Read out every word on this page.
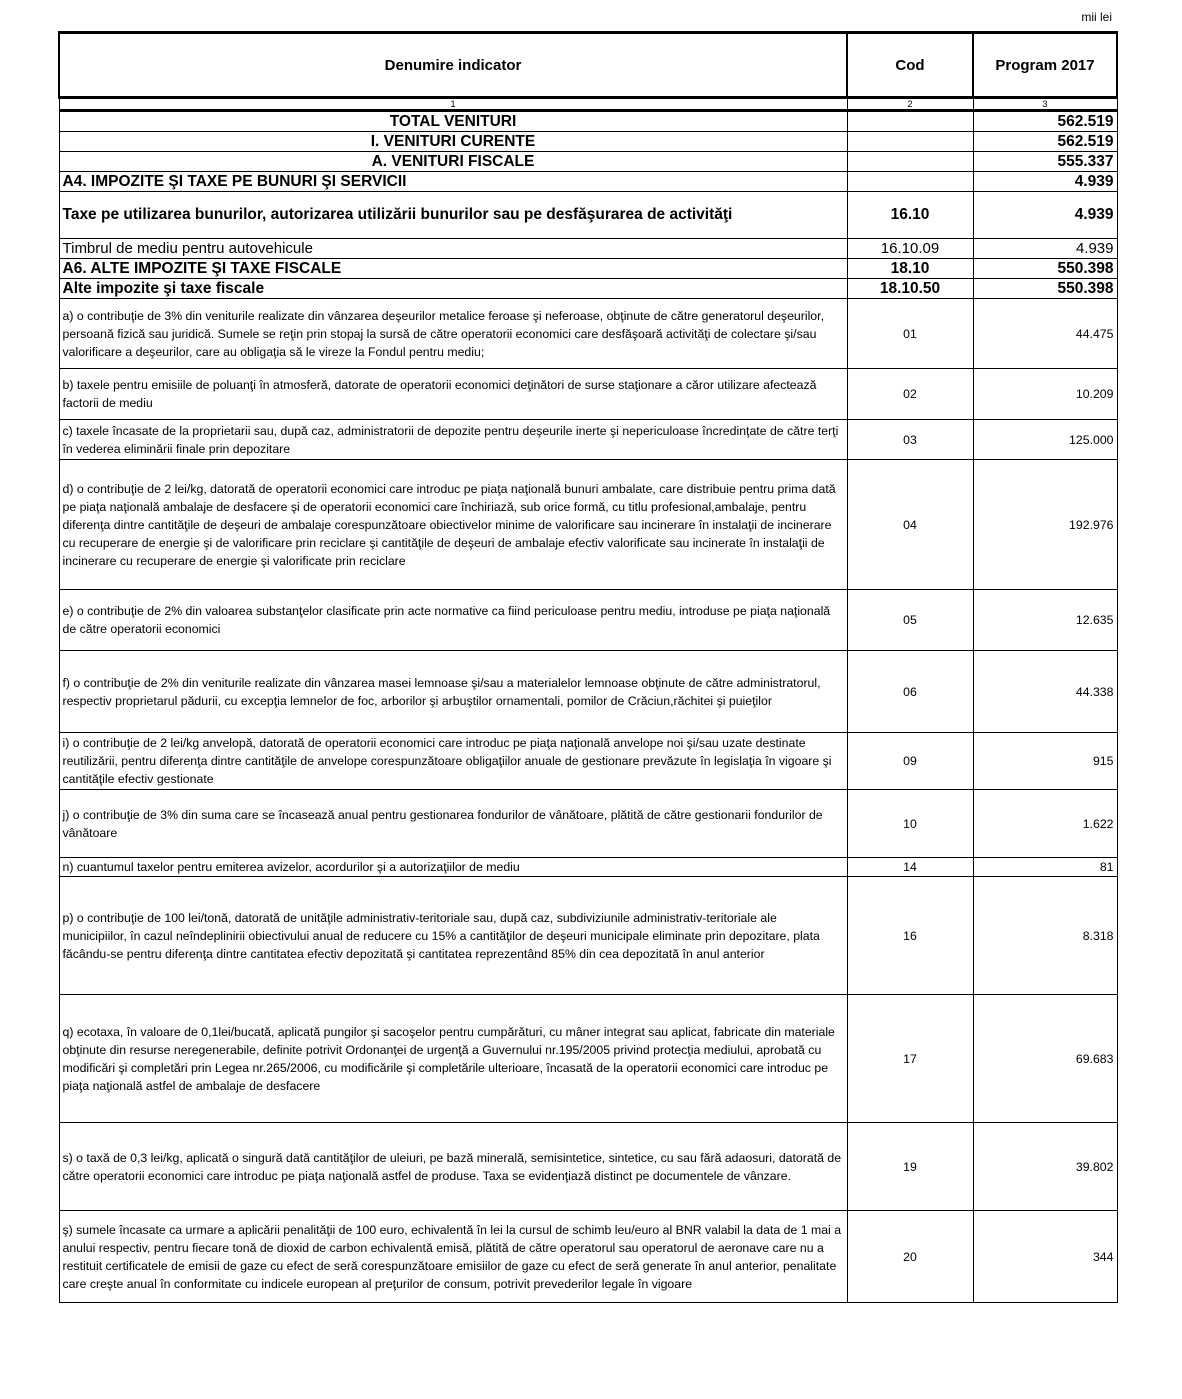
mii lei
Denumire indicator	Cod	Program 2017
1	2	3
TOTAL VENITURI		562.519
I. VENITURI CURENTE		562.519
A. VENITURI FISCALE		555.337
A4. IMPOZITE ŞI TAXE PE BUNURI ŞI SERVICII		4.939
Taxe pe utilizarea bunurilor, autorizarea utilizării bunurilor sau pe desfăşurarea de activităţi	16.10	4.939
Timbrul de mediu pentru autovehicule	16.10.09	4.939
A6. ALTE IMPOZITE ŞI TAXE FISCALE	18.10	550.398
Alte impozite şi taxe fiscale	18.10.50	550.398
a) o contribuţie de 3% din veniturile realizate din vânzarea deşeurilor metalice feroase şi neferoase, obţinute de către generatorul deşeurilor, persoană fizică sau juridică. Sumele se reţin prin stopaj la sursă de către operatorii economici care desfăşoară activităţi de colectare şi/sau valorificare a deşeurilor, care au obligaţia să le vireze la Fondul pentru mediu;	01	44.475
b) taxele pentru emisiile de poluanţi în atmosferă, datorate de operatorii economici deţinători de surse staţionare a căror utilizare afectează factorii de mediu	02	10.209
c) taxele încasate de la proprietarii sau, după caz, administratorii de depozite pentru deşeurile inerte şi nepericuloase încredinţate de către terţi în vederea eliminării finale prin depozitare	03	125.000
d) o contribuţie de 2 lei/kg, datorată de operatorii economici care introduc pe piaţa naţională bunuri ambalate, care distribuie pentru prima dată pe piaţa naţională ambalaje de desfacere şi de operatorii economici care închiriază, sub orice formă, cu titlu profesional,ambalaje, pentru diferenţa dintre cantităţile de deşeuri de ambalaje corespunzătoare obiectivelor minime de valorificare sau incinerare în instalaţii de incinerare cu recuperare de energie şi de valorificare prin reciclare şi cantităţile de deşeuri de ambalaje efectiv valorificate sau incinerate în instalaţii de incinerare cu recuperare de energie şi valorificate prin reciclare	04	192.976
e) o contribuţie de 2% din valoarea substanţelor clasificate prin acte normative ca fiind periculoase pentru mediu, introduse pe piaţa naţională de către operatorii economici	05	12.635
f) o contribuţie de 2% din veniturile realizate din vânzarea masei lemnoase şi/sau a materialelor lemnoase obţinute de către administratorul, respectiv proprietarul pădurii, cu excepţia lemnelor de foc, arborilor şi arbuştilor ornamentali, pomilor de Crăciun,răchitei şi puieţilor	06	44.338
i) o contribuţie de 2 lei/kg anvelopă, datorată de operatorii economici care introduc pe piaţa naţională anvelope noi şi/sau uzate destinate reutilizării, pentru diferenţa dintre cantităţile de anvelope corespunzătoare obligaţiilor anuale de gestionare prevăzute în legislaţia în vigoare şi cantităţile efectiv gestionate	09	915
j) o contribuţie de 3% din suma care se încasează anual pentru gestionarea fondurilor de vânătoare, plătită de către gestionarii fondurilor de vânătoare	10	1.622
n) cuantumul taxelor pentru emiterea avizelor, acordurilor şi a autorizaţiilor de mediu	14	81
p) o contribuţie de 100 lei/tonă, datorată de unităţile administrativ-teritoriale sau, după caz, subdiviziunile administrativ-teritoriale ale municipiilor, în cazul neîndeplinirii obiectivului anual de reducere cu 15% a cantităţilor de deşeuri municipale eliminate prin depozitare, plata făcându-se pentru diferenţa dintre cantitatea efectiv depozitată şi cantitatea reprezentând 85% din cea depozitată în anul anterior	16	8.318
q) ecotaxa, în valoare de 0,1lei/bucată, aplicată pungilor şi sacoşelor pentru cumpărături, cu mâner integrat sau aplicat, fabricate din materiale obţinute din resurse neregenerabile, definite potrivit Ordonanţei de urgenţă a Guvernului nr.195/2005 privind protecţia mediului, aprobată cu modificări şi completări prin Legea nr.265/2006, cu modificările şi completările ulterioare, încasată de la operatorii economici care introduc pe piaţa naţională astfel de ambalaje de desfacere	17	69.683
s) o taxă de 0,3 lei/kg, aplicată o singură dată cantităţilor de uleiuri, pe bază minerală, semisintetice, sintetice, cu sau fără adaosuri, datorată de către operatorii economici care introduc pe piaţa naţională astfel de produse. Taxa se evidenţiază distinct pe documentele de vânzare.	19	39.802
ş) sumele încasate ca urmare a aplicării penalităţii de 100 euro, echivalentă în lei la cursul de schimb leu/euro al BNR valabil la data de 1 mai a anului respectiv, pentru fiecare tonă de dioxid de carbon echivalentă emisă, plătită de către operatorul sau operatorul de aeronave care nu a restituit certificatele de emisii de gaze cu efect de seră corespunzătoare emisiilor de gaze cu efect de seră generate în anul anterior, penalitate care creşte anual în conformitate cu indicele european al preţurilor de consum, potrivit prevederilor legale în vigoare	20	344
